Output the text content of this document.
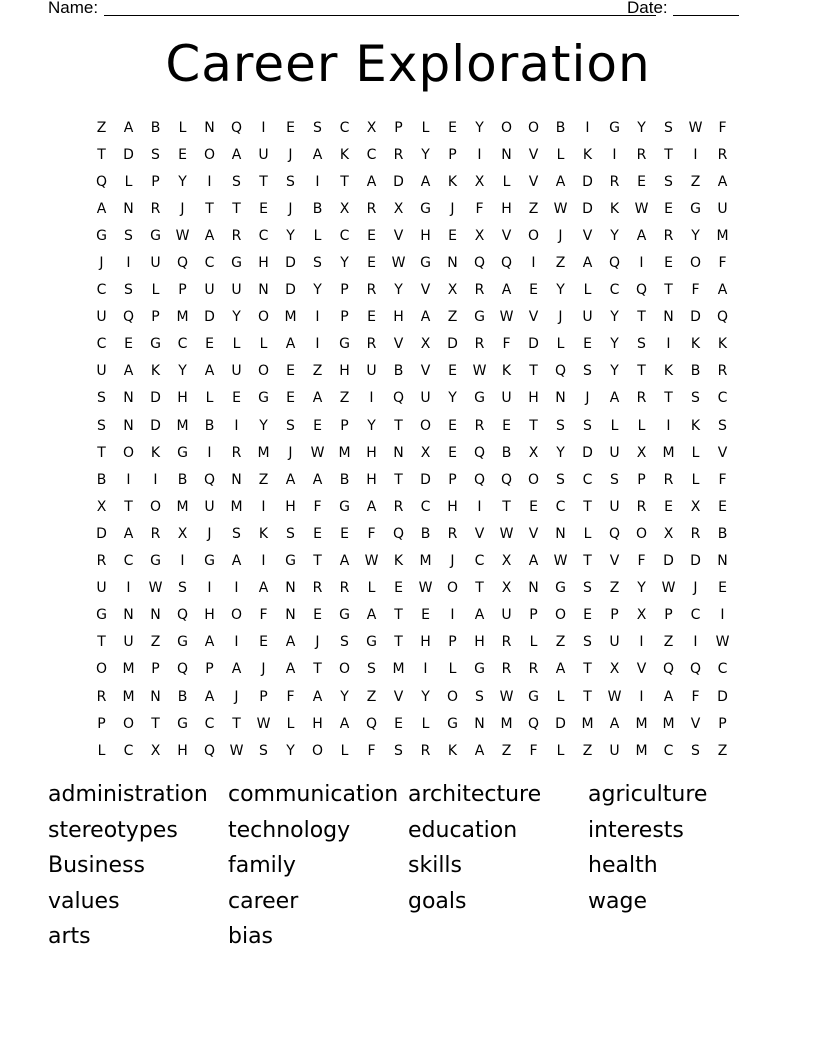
Name:	Date:
Career Exploration
Z	A	B	L	N	Q	I	E	S	C	X	P	L	E	Y	O	O	B	I	G	Y	S	W	F
T	D	S	E	O	A	U	J	A	K	C	R	Y	P	I	N	V	L	K	I	R	T	I	R
Q	L	P	Y	I	S	T	S	I	T	A	D	A	K	X	L	V	A	D	R	E	S	Z	A
A	N	R	J	T	T	E	J	B	X	R	X	G	J	F	H	Z	W	D	K	W	E	G	U
G	S	G	W	A	R	C	Y	L	C	E	V	H	E	X	V	O	J	V	Y	A	R	Y	M
J	I	U	Q	C	G	H	D	S	Y	E	W	G	N	Q	Q	I	Z	A	Q	I	E	O	F
C	S	L	P	U	U	N	D	Y	P	R	Y	V	X	R	A	E	Y	L	C	Q	T	F	A
U	Q	P	M	D	Y	O	M	I	P	E	H	A	Z	G	W	V	J	U	Y	T	N	D	Q
C	E	G	C	E	L	L	A	I	G	R	V	X	D	R	F	D	L	E	Y	S	I	K	K
U	A	K	Y	A	U	O	E	Z	H	U	B	V	E	W	K	T	Q	S	Y	T	K	B	R
S	N	D	H	L	E	G	E	A	Z	I	Q	U	Y	G	U	H	N	J	A	R	T	S	C
S	N	D	M	B	I	Y	S	E	P	Y	T	O	E	R	E	T	S	S	L	L	I	K	S
T	O	K	G	I	R	M	J	W	M	H	N	X	E	Q	B	X	Y	D	U	X	M	L	V
B	I	I	B	Q	N	Z	A	A	B	H	T	D	P	Q	Q	O	S	C	S	P	R	L	F
X	T	O	M	U	M	I	H	F	G	A	R	C	H	I	T	E	C	T	U	R	E	X	E
D	A	R	X	J	S	K	S	E	E	F	Q	B	R	V	W	V	N	L	Q	O	X	R	B
R	C	G	I	G	A	I	G	T	A	W	K	M	J	C	X	A	W	T	V	F	D	D	N
U	I	W	S	I	I	A	N	R	R	L	E	W	O	T	X	N	G	S	Z	Y	W	J	E
G	N	N	Q	H	O	F	N	E	G	A	T	E	I	A	U	P	O	E	P	X	P	C	I
T	U	Z	G	A	I	E	A	J	S	G	T	H	P	H	R	L	Z	S	U	I	Z	I	W
O	M	P	Q	P	A	J	A	T	O	S	M	I	L	G	R	R	A	T	X	V	Q	Q	C
R	M	N	B	A	J	P	F	A	Y	Z	V	Y	O	S	W	G	L	T	W	I	A	F	D
P	O	T	G	C	T	W	L	H	A	Q	E	L	G	N	M	Q	D	M	A	M	M	V	P
L	C	X	H	Q	W	S	Y	O	L	F	S	R	K	A	Z	F	L	Z	U	M	C	S	Z
administration communication architecture	agriculture
stereotypes	technology	education	interests
Business	family	skills	health
values	career	goals	wage
arts	bias
